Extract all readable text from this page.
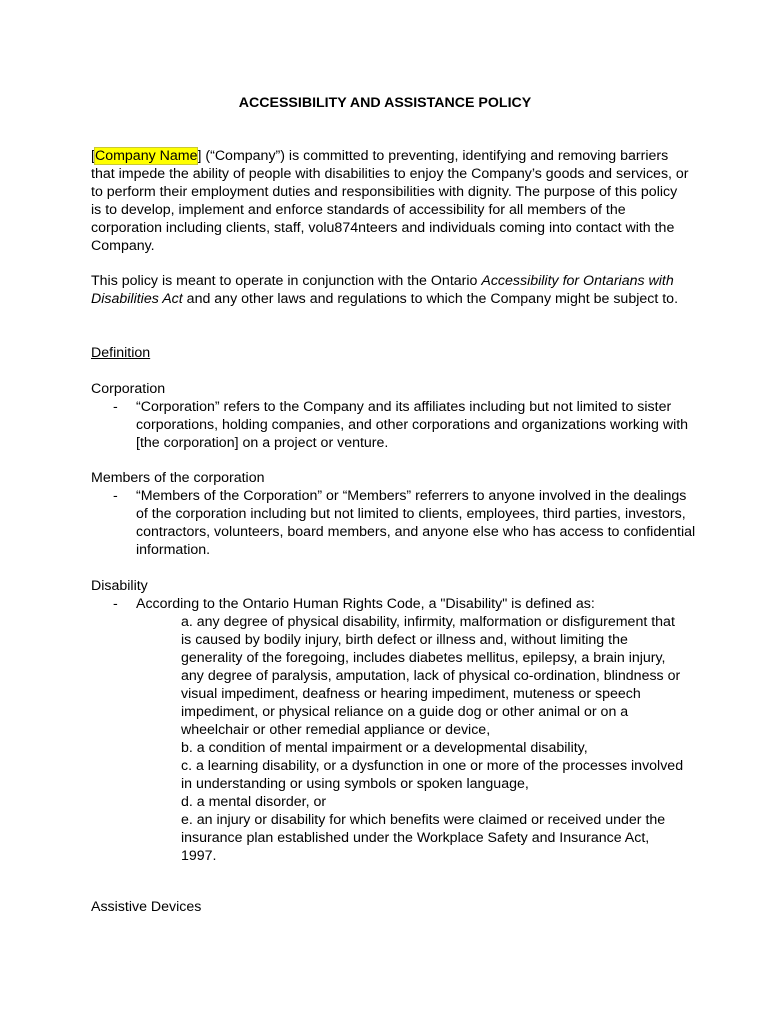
ACCESSIBILITY AND ASSISTANCE POLICY

[Company Name] (“Company”) is committed to preventing, identifying and removing barriers that impede the ability of people with disabilities to enjoy the Company’s goods and services, or to perform their employment duties and responsibilities with dignity. The purpose of this policy is to develop, implement and enforce standards of accessibility for all members of the corporation including clients, staff, volu874nteers and individuals coming into contact with the Company.

This policy is meant to operate in conjunction with the Ontario Accessibility for Ontarians with Disabilities Act and any other laws and regulations to which the Company might be subject to.

Definition

Corporation

-	“Corporation” refers to the Company and its affiliates including but not limited to sister corporations, holding companies, and other corporations and organizations working with [the corporation] on a project or venture.

Members of the corporation

-	“Members of the Corporation” or “Members” referrers to anyone involved in the dealings of the corporation including but not limited to clients, employees, third parties, investors, contractors, volunteers, board members, and anyone else who has access to confidential information.

Disability

-	According to the Ontario Human Rights Code, a "Disability" is defined as:

a. any degree of physical disability, infirmity, malformation or disfigurement that is caused by bodily injury, birth defect or illness and, without limiting the generality of the foregoing, includes diabetes mellitus, epilepsy, a brain injury, any degree of paralysis, amputation, lack of physical co-ordination, blindness or visual impediment, deafness or hearing impediment, muteness or speech impediment, or physical reliance on a guide dog or other animal or on a wheelchair or other remedial appliance or device,

b. a condition of mental impairment or a developmental disability,

c. a learning disability, or a dysfunction in one or more of the processes involved in understanding or using symbols or spoken language,

d. a mental disorder, or

e. an injury or disability for which benefits were claimed or received under the insurance plan established under the Workplace Safety and Insurance Act, 1997.

Assistive Devices
